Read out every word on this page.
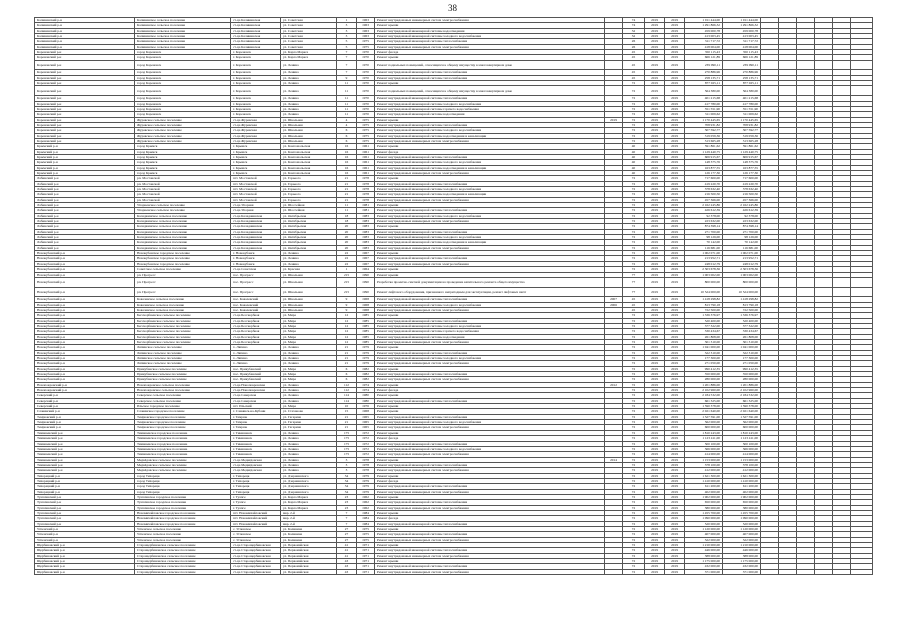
38
Калининский р-н	Калининское сельское поселение	ст-ца Калининская	ул. Советская	1	1963	Ремонт внутридомовых инженерных систем электроснабжения		74	2019	2019	1 011 444,00	1 011 444,00						
Калининский р-н	Калининское сельское поселение	ст-ца Калининская	ул. Советская	3	1963	Ремонт крыши		74	2019	2019	1 291 866,32	1 291 866,32						
Калининский р-н	Калининское сельское поселение	ст-ца Калининская	ул. Советская	3	1963	Ремонт внутридомовой инженерной системы водоотведения		32	2019	2019	459 000,78	459 000,78						
Калининский р-н	Калининское сельское поселение	ст-ца Калининская	ул. Советская	3	1963	Ремонт внутридомовой инженерной системы холодного водоснабжения		32	2019	2019	413 003,45	413 003,45						
Калининский р-н	Калининское сельское поселение	ст-ца Калининская	ул. Советская	5	1975	Ремонт внутридомовой инженерной системы теплоснабжения		26	2019	2019	311 717,72	311 717,72						
Калининский р-н	Калининское сельское поселение	ст-ца Калининская	ул. Советская	5	1975	Ремонт внутридомовых инженерных систем электроснабжения		26	2019	2019	418 004,00	418 004,00						
Кореновский р-н	город Кореновск	г. Кореновск	ул. Карла Маркса	7	1970	Ремонт фасада		45	2019	2019	350 115,43	350 115,43						
Кореновский р-н	город Кореновск	г. Кореновск	ул. Карла Маркса	7	1970	Ремонт крыши		45	2019	2019	666 121,89	666 121,89						
Кореновский р-н	город Кореновск	г. Кореновск	ул. Ленина	7	1970	Ремонт подвальных помещений, относящихся к общему имуществу в многоквартирном доме		45	2019	2019	239 090,11	239 090,11						
Кореновский р-н	город Кореновск	г. Кореновск	ул. Ленина	7	1970	Ремонт внутридомовой инженерной системы теплоснабжения		45	2019	2019	270 886,96	270 886,96						
Кореновский р-н	город Кореновск	г. Кореновск	ул. Ленина	9	1970	Ремонт внутридомовой инженерной системы теплоснабжения		45	2019	2019	258 135,71	258 135,71						
Кореновский р-н	город Кореновск	г. Кореновск	ул. Ленина	11	1970	Ремонт крыши		72	2019	2019	877 025,11	877 025,11						
Кореновский р-н	город Кореновск	г. Кореновск	ул. Ленина	11	1970	Ремонт подвальных помещений, относящихся к общему имуществу в многоквартирном доме		72	2019	2019	564 380,00	564 380,00						
Кореновский р-н	город Кореновск	г. Кореновск	ул. Ленина	11	1970	Ремонт внутридомовой инженерной системы теплоснабжения		72	2019	2019	401 215,68	401 215,68						
Кореновский р-н	город Кореновск	г. Кореновск	ул. Ленина	11	1970	Ремонт внутридомовой инженерной системы холодного водоснабжения		72	2019	2019	417 780,00	417 780,00						
Кореновский р-н	город Кореновск	г. Кореновск	ул. Ленина	11	1970	Ремонт внутридомовой инженерной системы горячего водоснабжения		72	2019	2019	351 551,90	351 551,90						
Кореновский р-н	город Кореновск	г. Кореновск	ул. Ленина	11	1970	Ремонт внутридомовой инженерной системы водоотведения		72	2019	2019	311 009,62	311 009,62						
Кореновский р-н	Журавское сельское поселение	ст-ца Журавская	ул. Школьная	4	1975	Ремонт крыши	2019	72	2019	2019	1 170 445,65	1 170 445,65						
Кореновский р-н	Журавское сельское поселение	ст-ца Журавская	ул. Школьная	4	1975	Ремонт внутридомовой инженерной системы теплоснабжения		72	2019	2019	708 931,82	708 931,82						
Кореновский р-н	Журавское сельское поселение	ст-ца Журавская	ул. Школьная	6	1975	Ремонт внутридомовой инженерной системы холодного водоснабжения		72	2019	2019	307 592,77	307 592,77						
Кореновский р-н	Журавское сельское поселение	ст-ца Журавская	ул. Школьная	6	1975	Ремонт внутридомовой инженерной системы водоотведения и канализации		72	2019	2019	319 059,36	319 059,36						
Кореновский р-н	Журавское сельское поселение	ст-ца Журавская	ул. Школьная	6	1975	Ремонт внутридомовых инженерных систем электроснабжения		72	2019	2019	313 665,28	313 665,28						
Крымский р-н	город Крымск	г. Крымск	ул. Комсомольская	16	1961	Ремонт крыши		40	2019	2019	591 861,62	591 861,62						
Крымский р-н	город Крымск	г. Крымск	ул. Комсомольская	16	1961	Ремонт фасада		40	2019	2019	1 129 440,75	1 129 440,75						
Крымский р-н	город Крымск	г. Крымск	ул. Комсомольская	16	1961	Ремонт внутридомовой инженерной системы теплоснабжения		40	2019	2019	606 915,67	606 915,67						
Крымский р-н	город Крымск	г. Крымск	ул. Комсомольская	16	1961	Ремонт внутридомовой инженерной системы холодного водоснабжения		40	2019	2019	148 375,76	148 375,76						
Крымский р-н	город Крымск	г. Крымск	ул. Комсомольская	16	1961	Ремонт внутридомовой инженерной системы водоотведения и канализации		40	2019	2019	163 877,55	163 877,55						
Крымский р-н	город Крымск	г. Крымск	ул. Комсомольская	16	1961	Ремонт внутридомовых инженерных систем электроснабжения		40	2019	2019	126 177,30	126 177,30						
Лабинский р-н	рп. Мостовской	пгт. Мостовской	ул. Горького	21	1978	Ремонт крыши		72	2019	2019	717 600,00	717 600,00						
Лабинский р-н	рп. Мостовской	пгт. Мостовской	ул. Горького	21	1978	Ремонт внутридомовой инженерной системы теплоснабжения		72	2019	2019	419 220,70	419 220,70						
Лабинский р-н	рп. Мостовской	пгт. Мостовской	ул. Горького	21	1978	Ремонт внутридомовой инженерной системы холодного водоснабжения		72	2019	2019	378 632,40	378 632,40						
Лабинский р-н	рп. Мостовской	пгт. Мостовской	ул. Горького	21	1978	Ремонт внутридомовой инженерной системы водоотведения и канализации		72	2019	2019	216 500,50	216 500,50						
Лабинский р-н	рп. Мостовской	пгт. Мостовской	ул. Горького	21	1978	Ремонт внутридомовых инженерных систем электроснабжения		72	2019	2019	457 366,00	457 366,00						
Лабинский р-н	Упорненское сельское поселение	ст-ца Упорная	ул. Шоссейная	11	1981	Ремонт крыши		72	2019	2019	2 162 245,86	2 162 245,86						
Лабинский р-н	Упорненское сельское поселение	ст-ца Упорная	ул. Шоссейная	11	1981	Ремонт внутридомовой инженерной системы теплоснабжения		72	2019	2019	426 612,39	426 612,39						
Лабинский р-н	Каладжинское сельское поселение	ст-ца Каладжинская	ул. Октябрьская	18	1983	Ремонт внутридомовой инженерной системы холодного водоснабжения		72	2019	2019	92 378,00	92 378,00						
Лабинский р-н	Каладжинское сельское поселение	ст-ца Каладжинская	ул. Октябрьская	18	1983	Ремонт внутридомовых инженерных систем электроснабжения		72	2019	2019	223 632,00	223 632,00						
Лабинский р-н	Каладжинское сельское поселение	ст-ца Каладжинская	ул. Октябрьская	20	1983	Ремонт крыши		72	2019	2019	874 398,14	874 398,14						
Лабинский р-н	Каладжинское сельское поселение	ст-ца Каладжинская	ул. Октябрьская	20	1983	Ремонт внутридомовой инженерной системы теплоснабжения		72	2019	2019	271 700,00	271 700,00						
Лабинский р-н	Каладжинское сельское поселение	ст-ца Каладжинская	ул. Октябрьская	20	1983	Ремонт внутридомовой инженерной системы холодного водоснабжения		72	2019	2019	98 126,00	98 126,00						
Лабинский р-н	Каладжинское сельское поселение	ст-ца Каладжинская	ул. Октябрьская	20	1983	Ремонт внутридомовой инженерной системы водоотведения и канализации		72	2019	2019	70 142,00	70 142,00						
Лабинский р-н	Каладжинское сельское поселение	ст-ца Каладжинская	ул. Октябрьская	20	1983	Ремонт внутридомовых инженерных систем электроснабжения		72	2019	2019	116 681,00	116 681,00						
Новокубанский р-н	Новокубанское городское поселение	г. Новокубанск	ул. Ленина	22	1967	Ремонт крыши		72	2019	2019	1 002 071,00	1 002 071,00						
Новокубанский р-н	Новокубанское городское поселение	г. Новокубанск	ул. Ленина	22	1967	Ремонт внутридомовой инженерной системы теплоснабжения		72	2019	2019	213 952,71	213 952,71						
Новокубанский р-н	Новокубанское городское поселение	г. Новокубанск	ул. Ленина	22	1967	Ремонт внутридомовых инженерных систем электроснабжения		72	2019	2019	248 012,79	248 012,79						
Новокубанский р-н	Советское сельское поселение	ст-ца Советская	ул. Красная	1	1964	Ремонт крыши		72	2019	2019	2 303 678,36	2 303 678,36						
Новокубанский р-н	рп. Прогресс	пос. Прогресс	ул. Школьная	215	1990	Ремонт крыши		77	2019	2019	1 003 002,00	1 003 002,00						
Новокубанский р-н	рп. Прогресс	пос. Прогресс	ул. Школьная	215	1990	Разработка проектно-сметной документации на проведение капитального ремонта общего имущества		77	2019	2019	800 000,00	800 000,00						
Новокубанский р-н	рп. Прогресс	пос. Прогресс	ул. Школьная	215	1990	Ремонт лифтового оборудования, признанного непригодным для эксплуатации, ремонт лифтовых шахт		77	2019	2019	10 524 000,00	10 524 000,00						
Новокубанский р-н	Ковалевское сельское поселение	пос. Ковалевский	ул. Школьная	9	1968	Ремонт внутридомовой инженерной системы теплоснабжения	2007	45	2019	2019	1 418 298,82	1 418 298,82						
Новокубанский р-н	Ковалевское сельское поселение	пос. Ковалевский	ул. Школьная	9	1968	Ремонт внутридомовой инженерной системы холодного водоснабжения	2006	45	2019	2019	813 790,18	813 790,18						
Новокубанский р-н	Ковалевское сельское поселение	пос. Ковалевский	ул. Школьная	9	1968	Ремонт внутридомовых инженерных систем электроснабжения		45	2019	2019	722 500,00	722 500,00						
Новокубанский р-н	Бесскорбненское сельское поселение	ст-ца Бесскорбная	ул. Мира	12	1985	Ремонт крыши		72	2019	2019	1 336 376,97	1 336 376,97						
Новокубанский р-н	Бесскорбненское сельское поселение	ст-ца Бесскорбная	ул. Мира	12	1985	Ремонт внутридомовой инженерной системы теплоснабжения		72	2019	2019	520 400,00	520 400,00						
Новокубанский р-н	Бесскорбненское сельское поселение	ст-ца Бесскорбная	ул. Мира	12	1985	Ремонт внутридомовой инженерной системы холодного водоснабжения		72	2019	2019	377 322,00	377 322,00						
Новокубанский р-н	Бесскорбненское сельское поселение	ст-ца Бесскорбная	ул. Мира	12	1985	Ремонт внутридомовой инженерной системы горячего водоснабжения		72	2019	2019	330 434,67	330 434,67						
Новокубанский р-н	Бесскорбненское сельское поселение	ст-ца Бесскорбная	ул. Мира	12	1985	Ремонт внутридомовой инженерной системы водоотведения		72	2019	2019	261 808,00	261 808,00						
Новокубанский р-н	Бесскорбненское сельское поселение	ст-ца Бесскорбная	ул. Мира	12	1985	Ремонт внутридомовых инженерных систем электроснабжения		72	2019	2019	301 310,00	301 310,00						
Новокубанский р-н	Ляпинское сельское поселение	х. Ляпино	ул. Ленина	21	1979	Ремонт крыши		72	2019	2019	1 041 000,00	1 041 000,00						
Новокубанский р-н	Ляпинское сельское поселение	х. Ляпино	ул. Ленина	21	1979	Ремонт внутридомовой инженерной системы теплоснабжения		72	2019	2019	322 310,00	322 310,00						
Новокубанский р-н	Ляпинское сельское поселение	х. Ляпино	ул. Ленина	21	1979	Ремонт внутридомовой инженерной системы холодного водоснабжения		72	2019	2019	177 300,00	177 300,00						
Новокубанский р-н	Ляпинское сельское поселение	х. Ляпино	ул. Ленина	21	1979	Ремонт внутридомовых инженерных систем электроснабжения		72	2019	2019	271 050,00	271 050,00						
Новокубанский р-н	Прикубанское сельское поселение	пос. Прикубанский	ул. Мира	6	1982	Ремонт крыши		72	2019	2019	990 412,35	990 412,35						
Новокубанский р-н	Прикубанское сельское поселение	пос. Прикубанский	ул. Мира	6	1982	Ремонт внутридомовой инженерной системы теплоснабжения		72	2019	2019	350 000,00	350 000,00						
Новокубанский р-н	Прикубанское сельское поселение	пос. Прикубанский	ул. Мира	6	1982	Ремонт внутридомовых инженерных систем электроснабжения		72	2019	2019	280 000,00	280 000,00						
Новопокровский р-н	Новопокровское сельское поселение	ст-ца Новопокровская	ул. Ленина	112	1974	Ремонт крыши	2012	72	2019	2019	1 201 886,00	1 201 886,00						
Новопокровский р-н	Новопокровское сельское поселение	ст-ца Новопокровская	ул. Ленина	112	1974	Ремонт фасада		72	2019	2019	2 102 960,00	2 102 960,00						
Северский р-н	Северское сельское поселение	ст-ца Северская	ул. Ленина	114	1980	Ремонт крыши		72	2019	2019	2 184 532,00	2 184 532,00						
Северский р-н	Северское сельское поселение	ст-ца Северская	ул. Ленина	114	1980	Ремонт внутридомовой инженерной системы теплоснабжения		72	2019	2019	661 325,00	661 325,00						
Северский р-н	Ильское городское поселение	пгт. Ильский	ул. Мира	10	1976	Ремонт крыши		72	2019	2019	1 590 378,00	1 590 378,00						
Славянский р-н	Славянское городское поселение	г. Славянск-на-Кубани	ул. Стаханова	15	1968	Ремонт крыши		72	2019	2019	2 021 640,00	2 021 640,00						
Темрюкский р-н	Темрюкское городское поселение	г. Темрюк	ул. Гагарина	21	1965	Ремонт внутридомовой инженерной системы теплоснабжения		72	2019	2019	1 327 591,00	1 327 591,00						
Темрюкский р-н	Темрюкское городское поселение	г. Темрюк	ул. Гагарина	21	1965	Ремонт внутридомовой инженерной системы холодного водоснабжения		72	2019	2019	562 000,00	562 000,00						
Темрюкский р-н	Темрюкское городское поселение	г. Темрюк	ул. Гагарина	21	1965	Ремонт внутридомовых инженерных систем электроснабжения		72	2019	2019	600 000,00	600 000,00						
Тимашевский р-н	Тимашевское городское поселение	г. Тимашевск	ул. Ленина	175	1972	Ремонт крыши		72	2019	2019	1 810 243,00	1 810 243,00						
Тимашевский р-н	Тимашевское городское поселение	г. Тимашевск	ул. Ленина	175	1972	Ремонт фасада		72	2019	2019	1 123 411,00	1 123 411,00						
Тимашевский р-н	Тимашевское городское поселение	г. Тимашевск	ул. Ленина	175	1972	Ремонт внутридомовой инженерной системы теплоснабжения		72	2019	2019	500 100,00	500 100,00						
Тимашевский р-н	Тимашевское городское поселение	г. Тимашевск	ул. Ленина	175	1972	Ремонт внутридомовой инженерной системы холодного водоснабжения		72	2019	2019	366 000,00	366 000,00						
Тимашевский р-н	Тимашевское городское поселение	г. Тимашевск	ул. Ленина	175	1972	Ремонт внутридомовых инженерных систем электроснабжения		72	2019	2019	414 000,00	414 000,00						
Тимашевский р-н	Медвёдовское сельское поселение	ст-ца Медвёдовская	ул. Ленина	3	1978	Ремонт крыши	2014	72	2019	2019	1 153 000,00	1 153 000,00						
Тимашевский р-н	Медвёдовское сельское поселение	ст-ца Медвёдовская	ул. Ленина	3	1978	Ремонт внутридомовой инженерной системы теплоснабжения		72	2019	2019	378 100,00	378 100,00						
Тимашевский р-н	Медвёдовское сельское поселение	ст-ца Медвёдовская	ул. Ленина	3	1978	Ремонт внутридомовых инженерных систем электроснабжения		72	2019	2019	412 000,00	412 000,00						
Тихорецкий р-н	город Тихорецк	г. Тихорецк	ул. Дзержинского	34	1979	Ремонт крыши		72	2019	2019	1 621 300,00	1 621 300,00						
Тихорецкий р-н	город Тихорецк	г. Тихорецк	ул. Дзержинского	34	1979	Ремонт фасада		72	2019	2019	1 410 000,00	1 410 000,00						
Тихорецкий р-н	город Тихорецк	г. Тихорецк	ул. Дзержинского	34	1979	Ремонт внутридомовой инженерной системы теплоснабжения		72	2019	2019	611 200,00	611 200,00						
Тихорецкий р-н	город Тихорецк	г. Тихорецк	ул. Дзержинского	34	1979	Ремонт внутридомовых инженерных систем электроснабжения		72	2019	2019	402 000,00	402 000,00						
Туапсинский р-н	Туапсинское городское поселение	г. Туапсе	ул. Карла Маркса	23	1962	Ремонт крыши		72	2019	2019	1 902 000,00	1 902 000,00						
Туапсинский р-н	Туапсинское городское поселение	г. Туапсе	ул. Карла Маркса	23	1962	Ремонт внутридомовой инженерной системы теплоснабжения		72	2019	2019	650 000,00	650 000,00						
Туапсинский р-н	Туапсинское городское поселение	г. Туапсе	ул. Карла Маркса	23	1962	Ремонт внутридомовых инженерных систем электроснабжения		72	2019	2019	380 000,00	380 000,00						
Туапсинский р-н	Новомихайловское городское поселение	пгт. Новомихайловский	мкр. 2-й	7	1984	Ремонт крыши		72	2019	2019	1 455 700,00	1 455 700,00						
Туапсинский р-н	Новомихайловское городское поселение	пгт. Новомихайловский	мкр. 2-й	7	1984	Ремонт фасада		72	2019	2019	1 090 000,00	1 090 000,00						
Туапсинский р-н	Новомихайловское городское поселение	пгт. Новомихайловский	мкр. 2-й	7	1984	Ремонт внутридомовой инженерной системы теплоснабжения		72	2019	2019	520 000,00	520 000,00						
Успенский р-н	Успенское сельское поселение	с. Успенское	ул. Калинина	27	1975	Ремонт крыши		72	2019	2019	1 120 000,00	1 120 000,00						
Успенский р-н	Успенское сельское поселение	с. Успенское	ул. Калинина	27	1975	Ремонт внутридомовой инженерной системы теплоснабжения		72	2019	2019	407 000,00	407 000,00						
Успенский р-н	Успенское сельское поселение	с. Успенское	ул. Калинина	27	1975	Ремонт внутридомовых инженерных систем электроснабжения		72	2019	2019	322 000,00	322 000,00						
Щербиновский р-н	Старощербиновское сельское поселение	ст-ца Старощербиновская	ул. Первомайская	41	1971	Ремонт крыши		72	2019	2019	1 210 000,00	1 210 000,00						
Щербиновский р-н	Старощербиновское сельское поселение	ст-ца Старощербиновская	ул. Первомайская	41	1971	Ремонт внутридомовой инженерной системы теплоснабжения		72	2019	2019	446 000,00	446 000,00						
Щербиновский р-н	Старощербиновское сельское поселение	ст-ца Старощербиновская	ул. Первомайская	41	1971	Ремонт внутридомовых инженерных систем электроснабжения		72	2019	2019	388 000,00	388 000,00						
Щербиновский р-н	Старощербиновское сельское поселение	ст-ца Старощербиновская	ул. Первомайская	43	1971	Ремонт крыши		72	2019	2019	1 175 000,00	1 175 000,00						
Щербиновский р-н	Старощербиновское сельское поселение	ст-ца Старощербиновская	ул. Первомайская	43	1971	Ремонт внутридомовой инженерной системы теплоснабжения		72	2019	2019	432 000,00	432 000,00						
Щербиновский р-н	Старощербиновское сельское поселение	ст-ца Старощербиновская	ул. Первомайская	43	1971	Ремонт внутридомовых инженерных систем электроснабжения		72	2019	2019	371 000,00	371 000,00						
